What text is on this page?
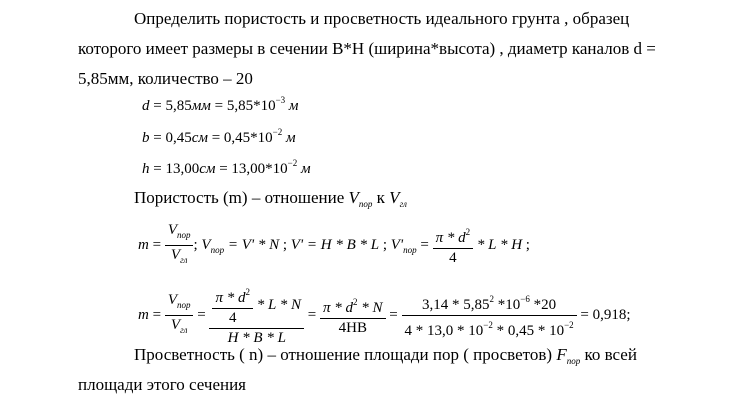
Определить пористость и просветность идеального грунта , образец
которого имеет размеры в сечении В*Н (ширина*высота) , диаметр каналов d =
5,85мм, количество – 20
$d = 5,85мм = 5,85*10^{-3}$ м
$b = 0,45см = 0,45*10^{-2}$ м
$h = 13,00см = 13,00*10^{-2}$ м
Пористость (m) – отношение $V_{пор}$ к $V_{гл}$
$m = \frac{V_{пор}}{V_{гл}}$ ; $V_{пор} = V' * N$ ; V' = H * B * L ; $V'_{пор} = \frac{\pi * d^2}{4} * L * H$ ;
$m = \frac{V_{пор}}{V_{гл}} = \frac{\frac{\pi * d^2}{4} * L * N}{H * B * L} = \frac{\pi * d^2 * N}{4HB} = \frac{3,14 * 5,85^2 *10^{-6} *20}{4 * 13,0 * 10^{-2} * 0,45 * 10^{-2}} = 0,918$;
Просветность ( n) – отношение площади пор ( просветов) $F_{пор}$ ко всей
площади этого сечения
